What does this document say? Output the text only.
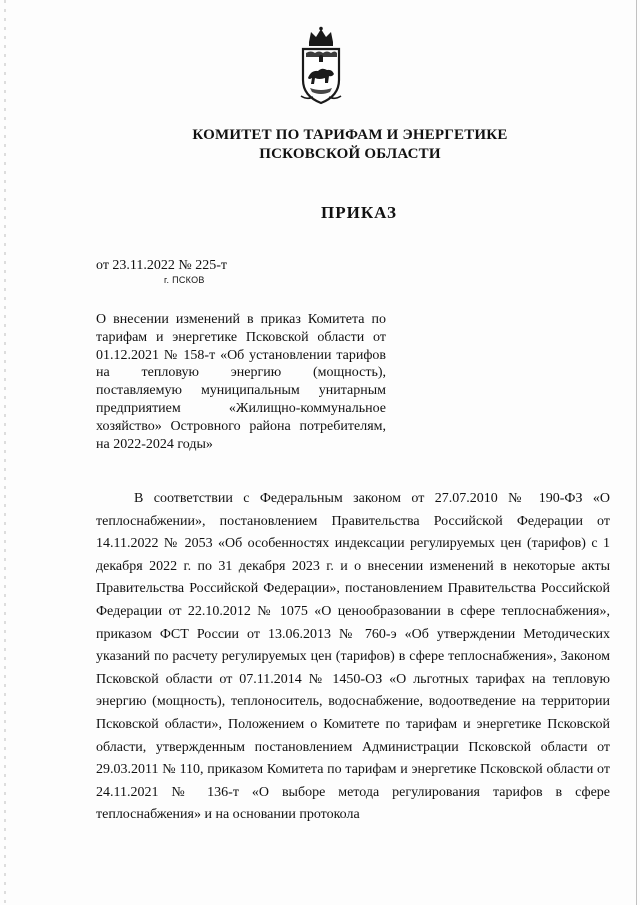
КОМИТЕТ ПО ТАРИФАМ И ЭНЕРГЕТИКЕ
ПСКОВСКОЙ ОБЛАСТИ
ПРИКАЗ
от 23.11.2022 № 225-т
г. ПСКОВ
О внесении изменений в приказ Комитета по тарифам и энергетике Псковской области от 01.12.2021 № 158-т «Об установлении тарифов на тепловую энергию (мощность), поставляемую муниципальным унитарным предприятием «Жилищно-коммунальное хозяйство» Островного района потребителям, на 2022-2024 годы»
В соответствии с Федеральным законом от 27.07.2010 № 190-ФЗ «О теплоснабжении», постановлением Правительства Российской Федерации от 14.11.2022 № 2053 «Об особенностях индексации регулируемых цен (тарифов) с 1 декабря 2022 г. по 31 декабря 2023 г. и о внесении изменений в некоторые акты Правительства Российской Федерации», постановлением Правительства Российской Федерации от 22.10.2012 № 1075 «О ценообразовании в сфере теплоснабжения», приказом ФСТ России от 13.06.2013 № 760-э «Об утверждении Методических указаний по расчету регулируемых цен (тарифов) в сфере теплоснабжения», Законом Псковской области от 07.11.2014 № 1450-ОЗ «О льготных тарифах на тепловую энергию (мощность), теплоноситель, водоснабжение, водоотведение на территории Псковской области», Положением о Комитете по тарифам и энергетике Псковской области, утвержденным постановлением Администрации Псковской области от 29.03.2011 № 110, приказом Комитета по тарифам и энергетике Псковской области от 24.11.2021 № 136-т «О выборе метода регулирования тарифов в сфере теплоснабжения» и на основании протокола
